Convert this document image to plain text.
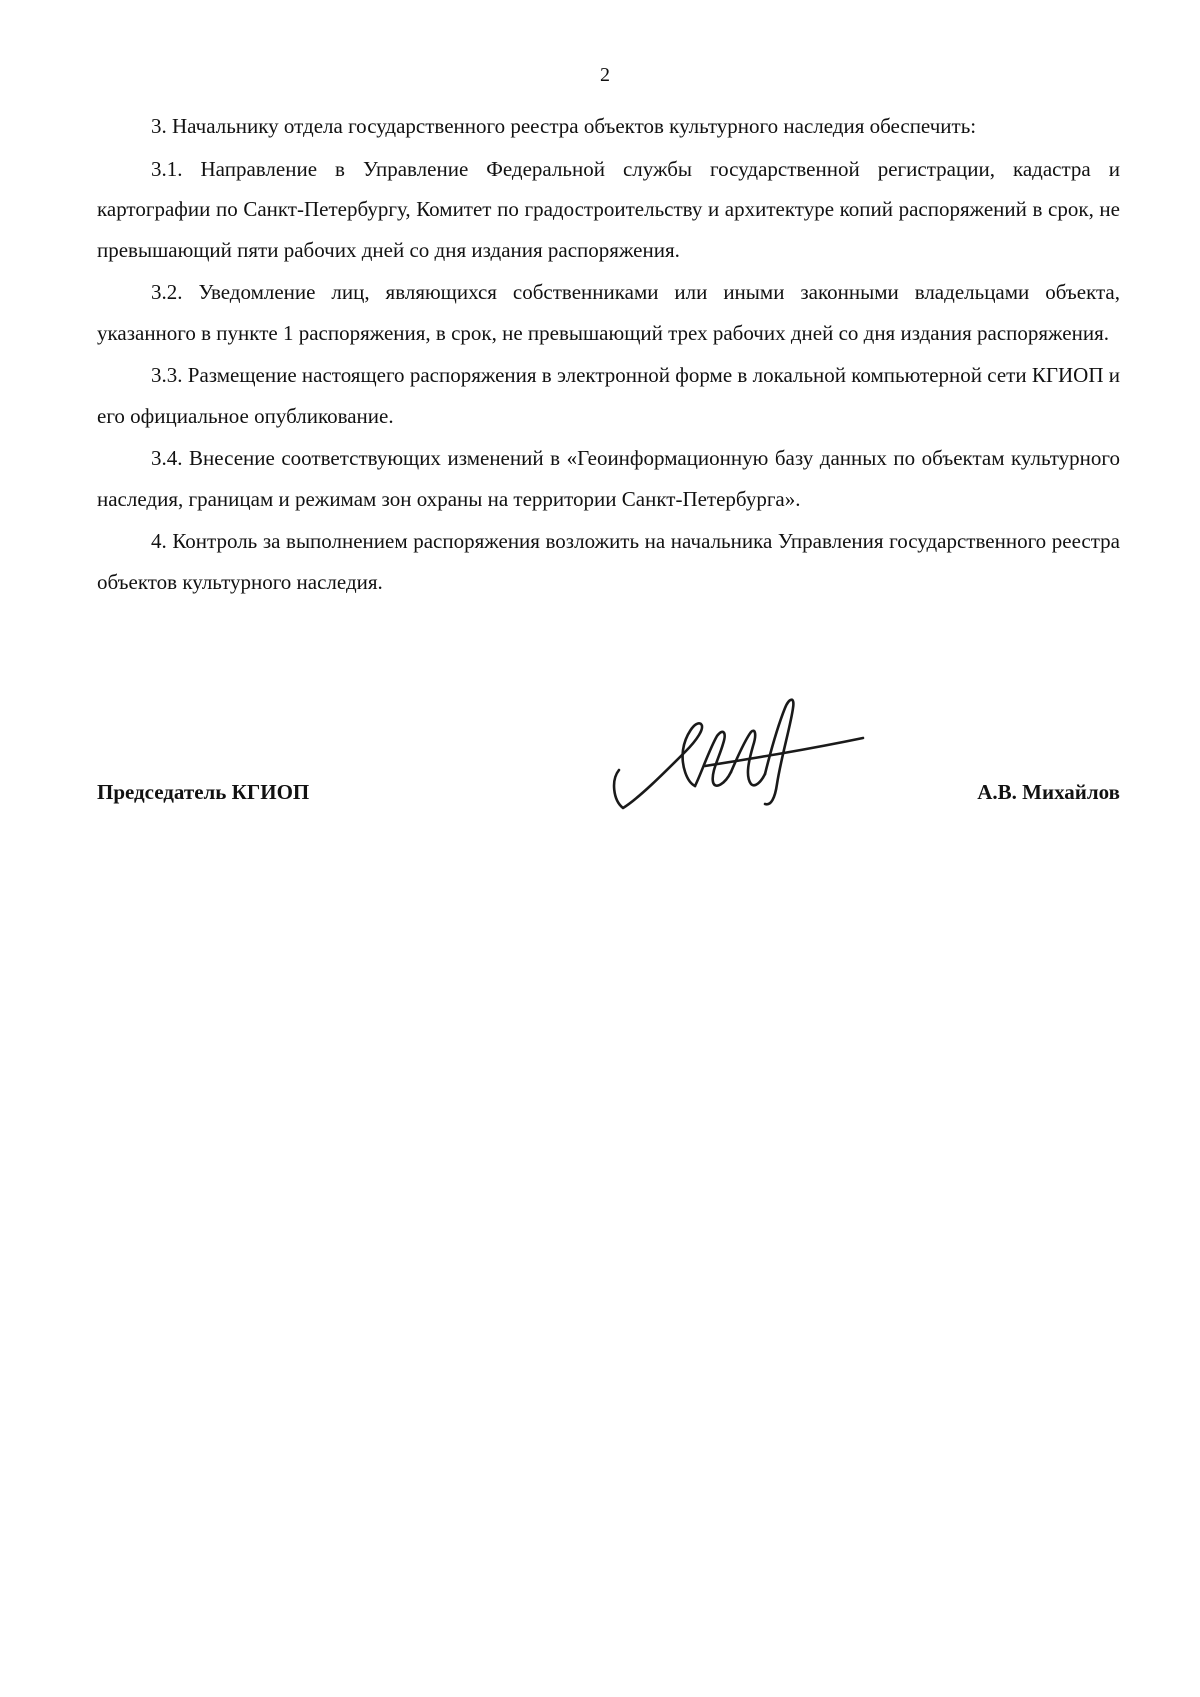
2

3. Начальнику отдела государственного реестра объектов культурного наследия обеспечить:

3.1. Направление в Управление Федеральной службы государственной регистрации, кадастра и картографии по Санкт-Петербургу, Комитет по градостроительству и архитектуре копий распоряжений в срок, не превышающий пяти рабочих дней со дня издания распоряжения.

3.2. Уведомление лиц, являющихся собственниками или иными законными владельцами объекта, указанного в пункте 1 распоряжения, в срок, не превышающий трех рабочих дней со дня издания распоряжения.

3.3. Размещение настоящего распоряжения в электронной форме в локальной компьютерной сети КГИОП и его официальное опубликование.

3.4. Внесение соответствующих изменений в «Геоинформационную базу данных по объектам культурного наследия, границам и режимам зон охраны на территории Санкт-Петербурга».

4. Контроль за выполнением распоряжения возложить на начальника Управления государственного реестра объектов культурного наследия.

Председатель КГИОП	А.В. Михайлов
